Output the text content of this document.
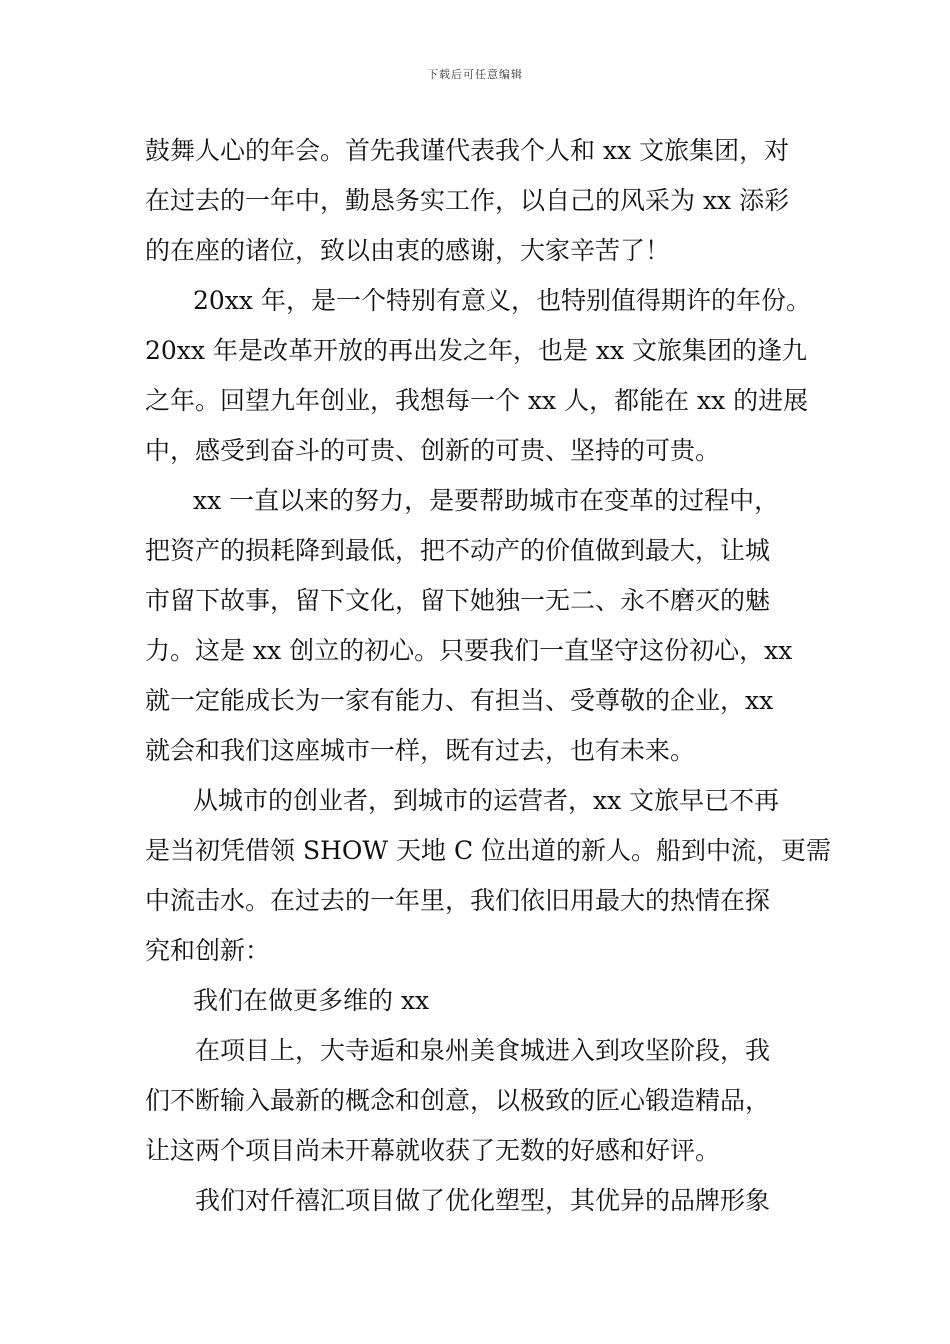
下载后可任意编辑
鼓舞人心的年会。首先我谨代表我个人和 xx 文旅集团，对
在过去的一年中，勤恳务实工作，以自己的风采为 xx 添彩
的在座的诸位，致以由衷的感谢，大家辛苦了！
20xx 年，是一个特别有意义，也特别值得期许的年份。
20xx 年是改革开放的再出发之年，也是 xx 文旅集团的逢九
之年。回望九年创业，我想每一个 xx 人，都能在 xx 的进展
中，感受到奋斗的可贵、创新的可贵、坚持的可贵。
xx 一直以来的努力，是要帮助城市在变革的过程中，
把资产的损耗降到最低，把不动产的价值做到最大，让城
市留下故事，留下文化，留下她独一无二、永不磨灭的魅
力。这是 xx 创立的初心。只要我们一直坚守这份初心，xx
就一定能成长为一家有能力、有担当、受尊敬的企业，xx
就会和我们这座城市一样，既有过去，也有未来。
从城市的创业者，到城市的运营者，xx 文旅早已不再
是当初凭借领 SHOW 天地 C 位出道的新人。船到中流，更需
中流击水。在过去的一年里，我们依旧用最大的热情在探
究和创新：
我们在做更多维的 xx
在项目上，大寺逅和泉州美食城进入到攻坚阶段，我
们不断输入最新的概念和创意，以极致的匠心锻造精品，
让这两个项目尚未开幕就收获了无数的好感和好评。
我们对仟禧汇项目做了优化塑型，其优异的品牌形象
